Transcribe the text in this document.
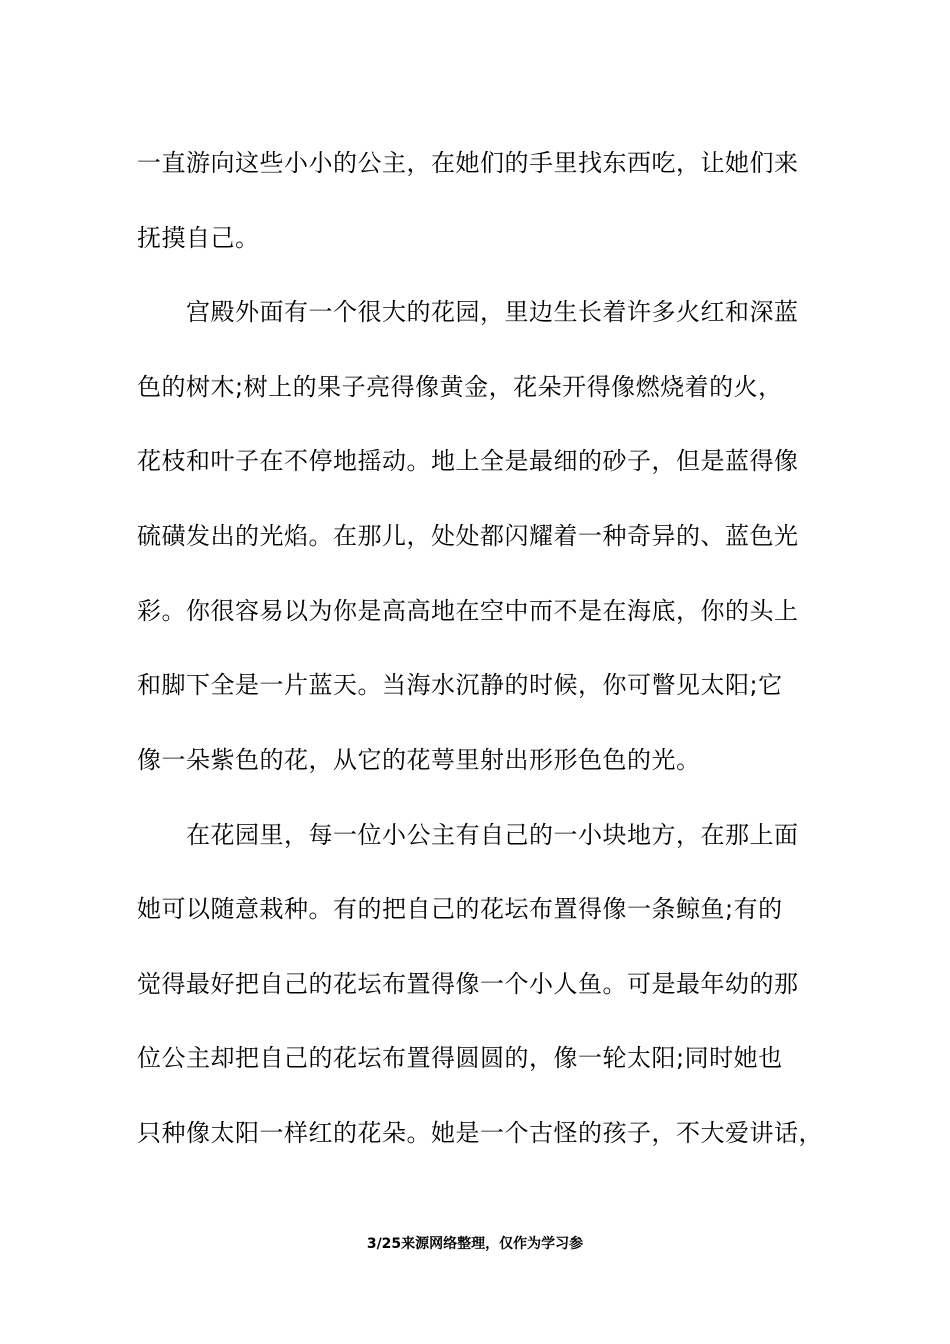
一直游向这些小小的公主，在她们的手里找东西吃，让她们来
抚摸自己。
　　宫殿外面有一个很大的花园，里边生长着许多火红和深蓝
色的树木;树上的果子亮得像黄金，花朵开得像燃烧着的火，
花枝和叶子在不停地摇动。地上全是最细的砂子，但是蓝得像
硫磺发出的光焰。在那儿，处处都闪耀着一种奇异的、蓝色光
彩。你很容易以为你是高高地在空中而不是在海底，你的头上
和脚下全是一片蓝天。当海水沉静的时候，你可瞥见太阳;它
像一朵紫色的花，从它的花萼里射出形形色色的光。
　　在花园里，每一位小公主有自己的一小块地方，在那上面
她可以随意栽种。有的把自己的花坛布置得像一条鲸鱼;有的
觉得最好把自己的花坛布置得像一个小人鱼。可是最年幼的那
位公主却把自己的花坛布置得圆圆的，像一轮太阳;同时她也
只种像太阳一样红的花朵。她是一个古怪的孩子，不大爱讲话，
3/25来源网络整理，仅作为学习参
